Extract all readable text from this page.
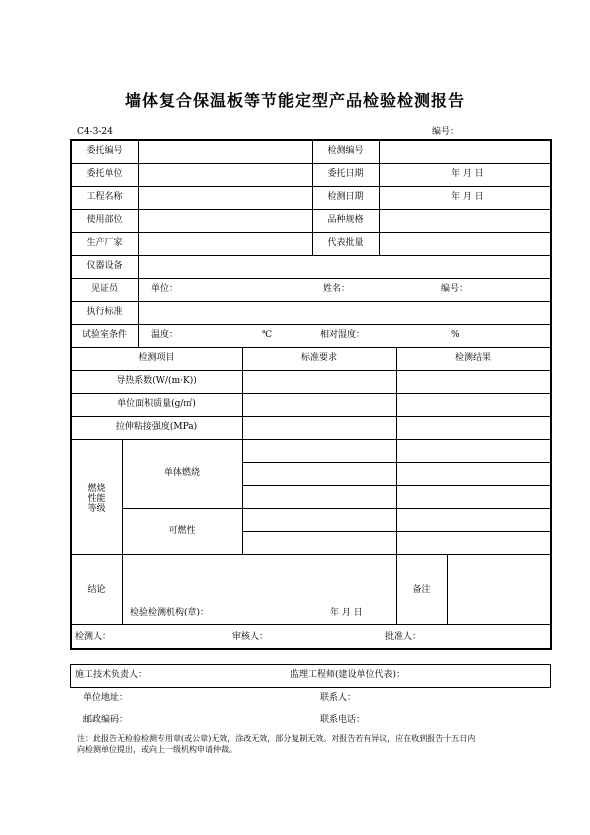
墙体复合保温板等节能定型产品检验检测报告
C4-3-24	编号：
委托编号	检测编号
委托单位	委托日期	年 月 日
工程名称	检测日期	年 月 日
使用部位	品种规格
生产厂家	代表批量
仪器设备
见证员	单位：	姓名：	编号：
执行标准
试验室条件	温度：	℃	相对湿度：	%
检测项目	标准要求	检测结果
导热系数(W/(m·K))
单位面积质量(g/㎡)
拉伸粘接强度(MPa)
燃烧
性能
等级
单体燃烧
可燃性
结论	备注
检验检测机构(章)：	年 月 日
检测人：	审核人：	批准人：
施工技术负责人：	监理工程师(建设单位代表)：
单位地址：	联系人：
邮政编码：	联系电话：
注：此报告无检验检测专用章(或公章)无效，涂改无效，部分复制无效。对报告若有异议，应在收到报告十五日内
向检测单位提出，或向上一级机构申请仲裁。
